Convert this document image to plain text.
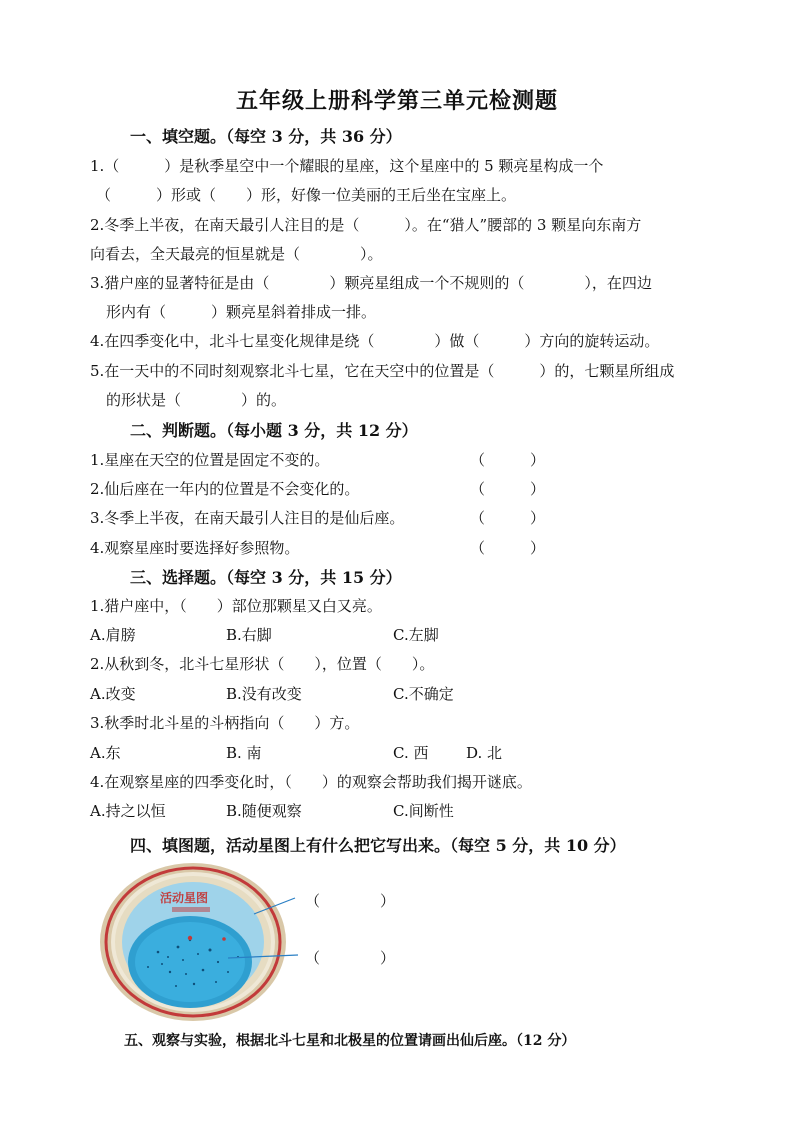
五年级上册科学第三单元检测题
一、填空题。（每空 3 分，共 36 分）
1.（　　　）是秋季星空中一个耀眼的星座，这个星座中的 5 颗亮星构成一个
（　　　）形或（　　）形，好像一位美丽的王后坐在宝座上。
2.冬季上半夜，在南天最引人注目的是（　　　）。在“猎人”腰部的 3 颗星向东南方
向看去，全天最亮的恒星就是（　　　　）。
3.猎户座的显著特征是由（　　　　）颗亮星组成一个不规则的（　　　　），在四边
形内有（　　　）颗亮星斜着排成一排。
4.在四季变化中，北斗七星变化规律是绕（　　　　）做（　　　）方向的旋转运动。
5.在一天中的不同时刻观察北斗七星，它在天空中的位置是（　　　）的，七颗星所组成
的形状是（　　　　）的。
二、判断题。（每小题 3 分，共 12 分）
1.星座在天空的位置是固定不变的。	（　　　）
2.仙后座在一年内的位置是不会变化的。	（　　　）
3.冬季上半夜，在南天最引人注目的是仙后座。	（　　　）
4.观察星座时要选择好参照物。	（　　　）
三、选择题。（每空 3 分，共 15 分）
1.猎户座中，（　　）部位那颗星又白又亮。
A.肩膀	B.右脚	C.左脚
2.从秋到冬，北斗七星形状（　　），位置（　　）。
A.改变	B.没有改变	C.不确定
3.秋季时北斗星的斗柄指向（　　）方。
A.东	B. 南	C. 西	D. 北
4.在观察星座的四季变化时，（　　）的观察会帮助我们揭开谜底。
A.持之以恒	B.随便观察	C.间断性
四、填图题，活动星图上有什么把它写出来。（每空 5 分，共 10 分）
活动星图	（　　　　）
（　　　　）
五、观察与实验，根据北斗七星和北极星的位置请画出仙后座。（12 分）
